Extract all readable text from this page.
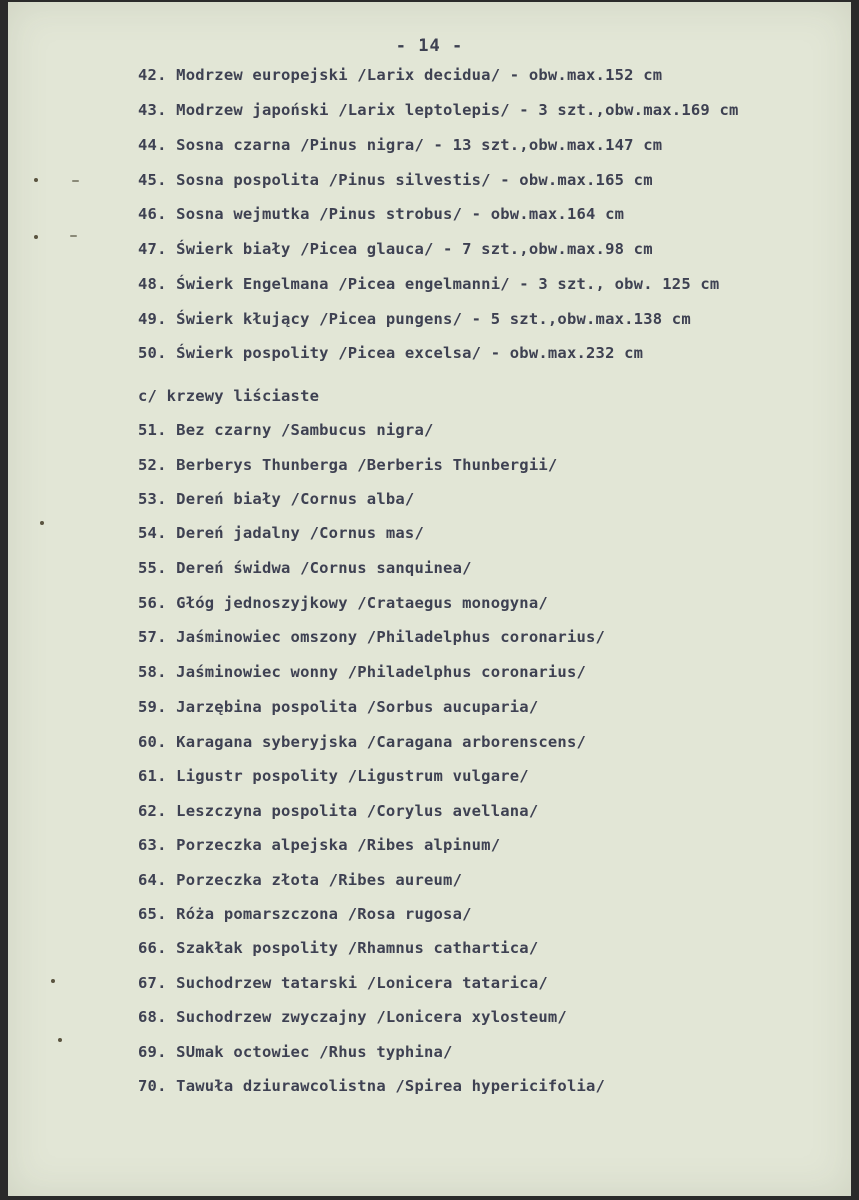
- 14 -
42. Modrzew europejski /Larix decidua/ - obw.max.152 cm
43. Modrzew japoński /Larix leptolepis/ - 3 szt.,obw.max.169 cm
44. Sosna czarna /Pinus nigra/ - 13 szt.,obw.max.147 cm
45. Sosna pospolita /Pinus silvestis/ - obw.max.165 cm
46. Sosna wejmutka /Pinus strobus/ - obw.max.164 cm
47. Świerk biały /Picea glauca/ - 7 szt.,obw.max.98 cm
48. Świerk Engelmana /Picea engelmanni/ - 3 szt., obw. 125 cm
49. Świerk kłujący /Picea pungens/ - 5 szt.,obw.max.138 cm
50. Świerk pospolity /Picea excelsa/ - obw.max.232 cm
c/ krzewy liściaste
51. Bez czarny /Sambucus nigra/
52. Berberys Thunberga /Berberis Thunbergii/
53. Dereń biały /Cornus alba/
54. Dereń jadalny /Cornus mas/
55. Dereń świdwa /Cornus sanquinea/
56. Głóg jednoszyjkowy /Crataegus monogyna/
57. Jaśminowiec omszony /Philadelphus coronarius/
58. Jaśminowiec wonny /Philadelphus coronarius/
59. Jarzębina pospolita /Sorbus aucuparia/
60. Karagana syberyjska /Caragana arborenscens/
61. Ligustr pospolity /Ligustrum vulgare/
62. Leszczyna pospolita /Corylus avellana/
63. Porzeczka alpejska /Ribes alpinum/
64. Porzeczka złota /Ribes aureum/
65. Róża pomarszczona /Rosa rugosa/
66. Szakłak pospolity /Rhamnus cathartica/
67. Suchodrzew tatarski /Lonicera tatarica/
68. Suchodrzew zwyczajny /Lonicera xylosteum/
69. SUmak octowiec /Rhus typhina/
70. Tawuła dziurawcolistna /Spirea hypericifolia/
